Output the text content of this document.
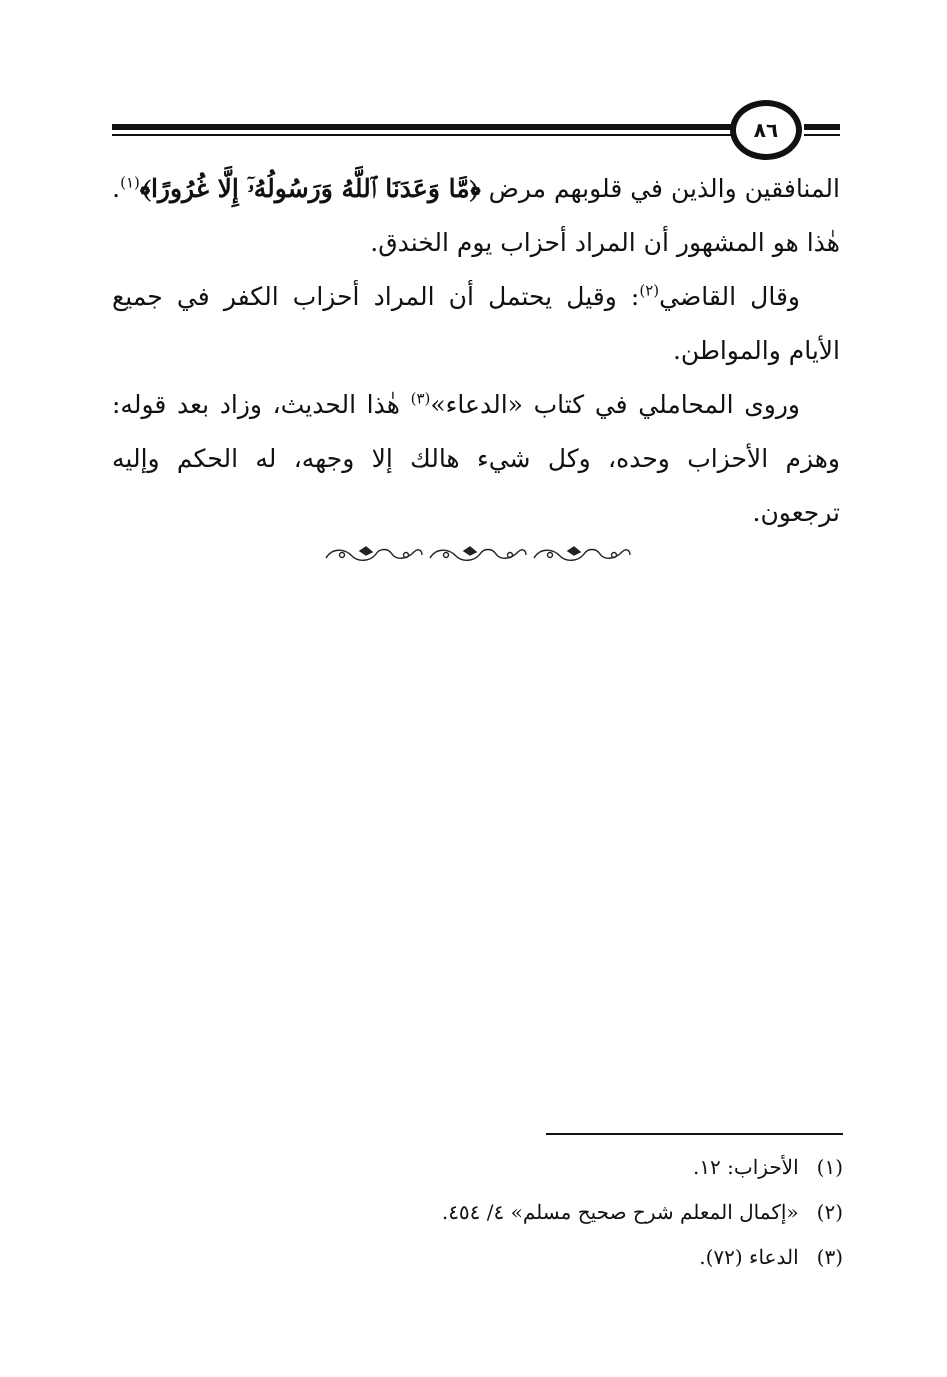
٨٦

المنافقين والذين في قلوبهم مرض ﴿مَّا وَعَدَنَا ٱللَّهُ وَرَسُولُهُۥٓ إِلَّا غُرُورًا﴾$^{(١)}$.

هٰذا هو المشهور أن المراد أحزاب يوم الخندق.

وقال القاضي$^{(٢)}$: وقيل يحتمل أن المراد أحزاب الكفر في جميع الأيام والمواطن.

وروى المحاملي في كتاب «الدعاء»$^{(٣)}$ هٰذا الحديث، وزاد بعد قوله: وهزم الأحزاب وحده، وكل شيء هالك إلا وجهه، له الحكم وإليه ترجعون.

(١) الأحزاب: ١٢.
(٢) «إكمال المعلم شرح صحيح مسلم» ٤/ ٤٥٤.
(٣) الدعاء (٧٢).
